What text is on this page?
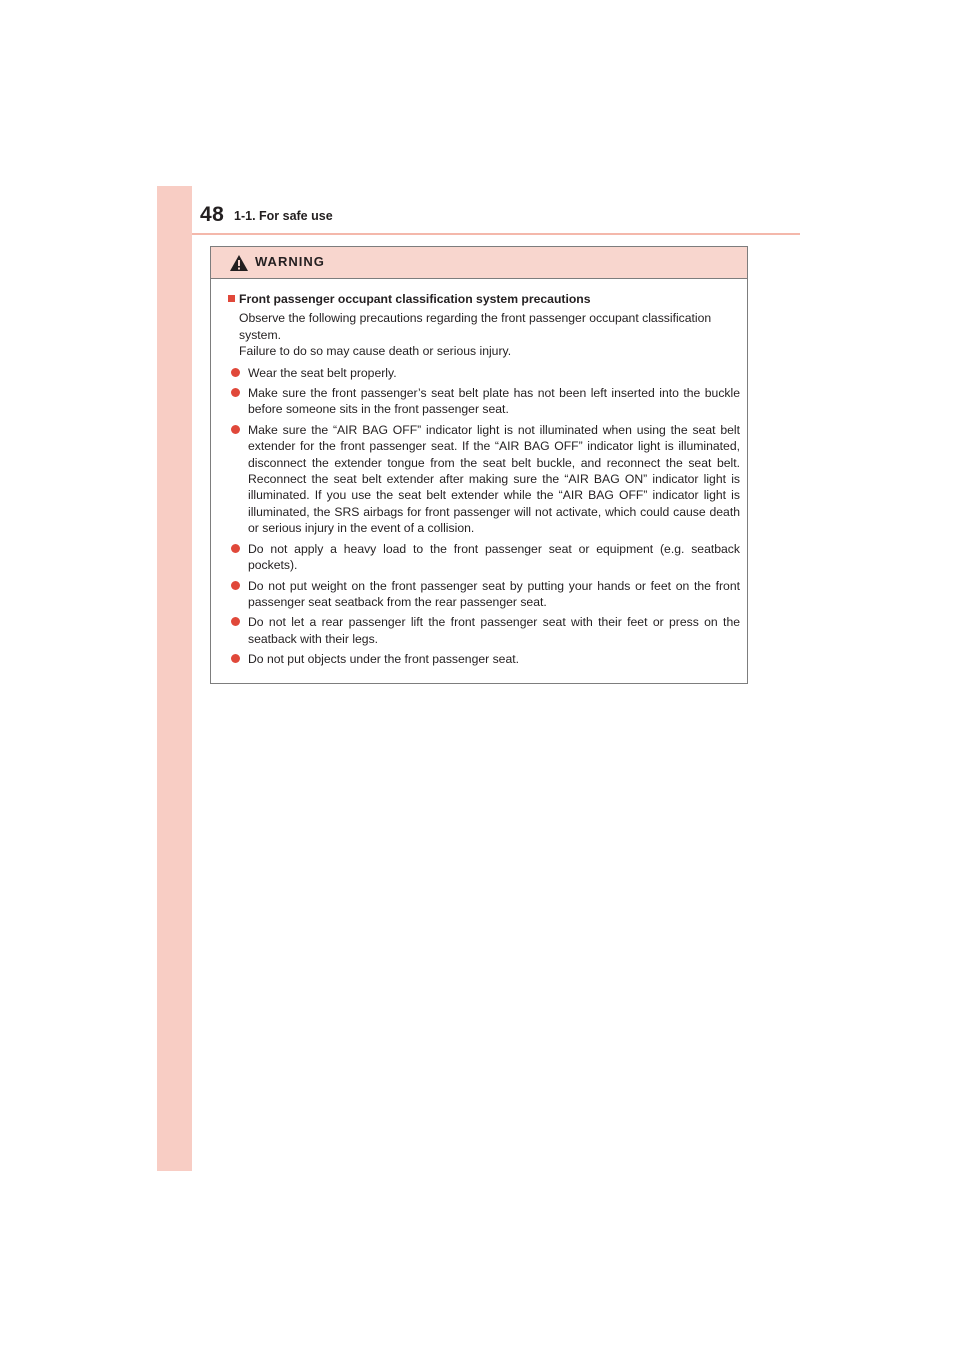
48 1-1. For safe use
WARNING
Front passenger occupant classification system precautions
Observe the following precautions regarding the front passenger occupant classification system.
Failure to do so may cause death or serious injury.
Wear the seat belt properly.
Make sure the front passenger’s seat belt plate has not been left inserted into the buckle before someone sits in the front passenger seat.
Make sure the “AIR BAG OFF” indicator light is not illuminated when using the seat belt extender for the front passenger seat. If the “AIR BAG OFF” indicator light is illuminated, disconnect the extender tongue from the seat belt buckle, and reconnect the seat belt. Reconnect the seat belt extender after making sure the “AIR BAG ON” indicator light is illuminated. If you use the seat belt extender while the “AIR BAG OFF” indicator light is illuminated, the SRS airbags for front passenger will not activate, which could cause death or serious injury in the event of a collision.
Do not apply a heavy load to the front passenger seat or equipment (e.g. seatback pockets).
Do not put weight on the front passenger seat by putting your hands or feet on the front passenger seat seatback from the rear passenger seat.
Do not let a rear passenger lift the front passenger seat with their feet or press on the seatback with their legs.
Do not put objects under the front passenger seat.
